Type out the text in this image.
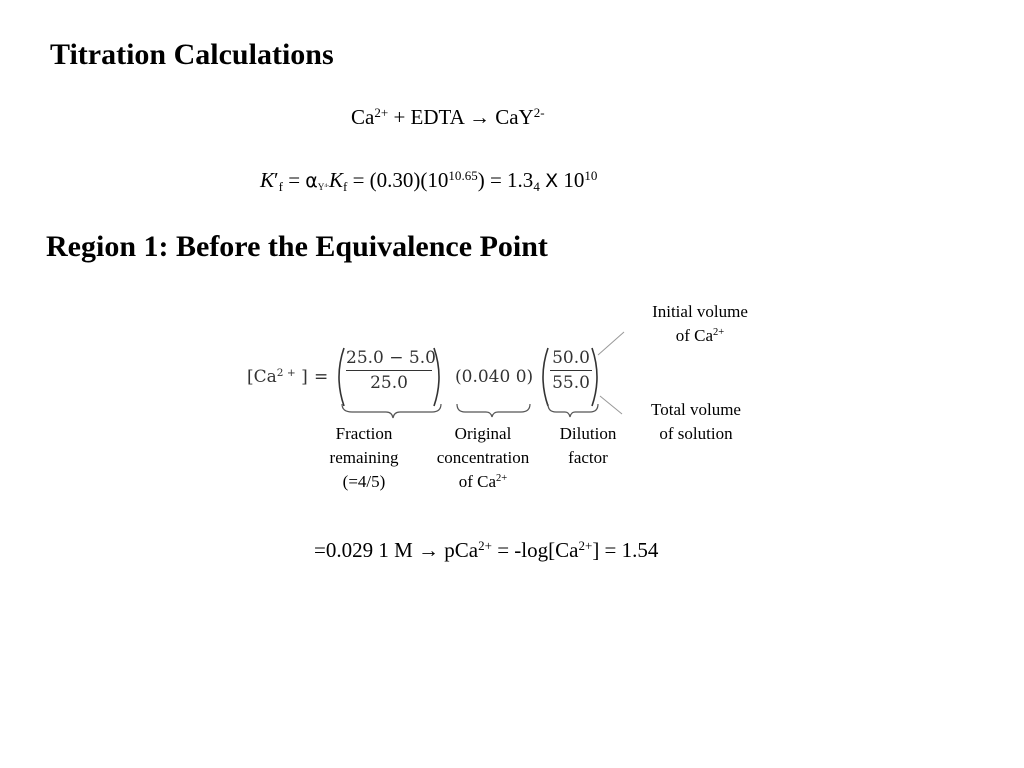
Titration Calculations
$Ca^{2+}$ + EDTA → CaY$^{2-}$
$K'_f = \alpha_{Y^{4-}}K_f = (0.30)(10^{10.65}) = 1.3_4$ X $10^{10}$
Region 1: Before the Equivalence Point
[$Ca^{2 +}$ ] =
25.0 − 5.0
25.0	(0.040 0)
50.0
55.0
Initial volume
of $Ca^{2+}$
Total volume
of solution
Fraction
remaining
(=4/5)
Original
concentration
of $Ca^{2+}$
Dilution
factor
=0.029 1 $M \to pCa^{2+} = -\log[Ca^{2+}] = 1.54$
